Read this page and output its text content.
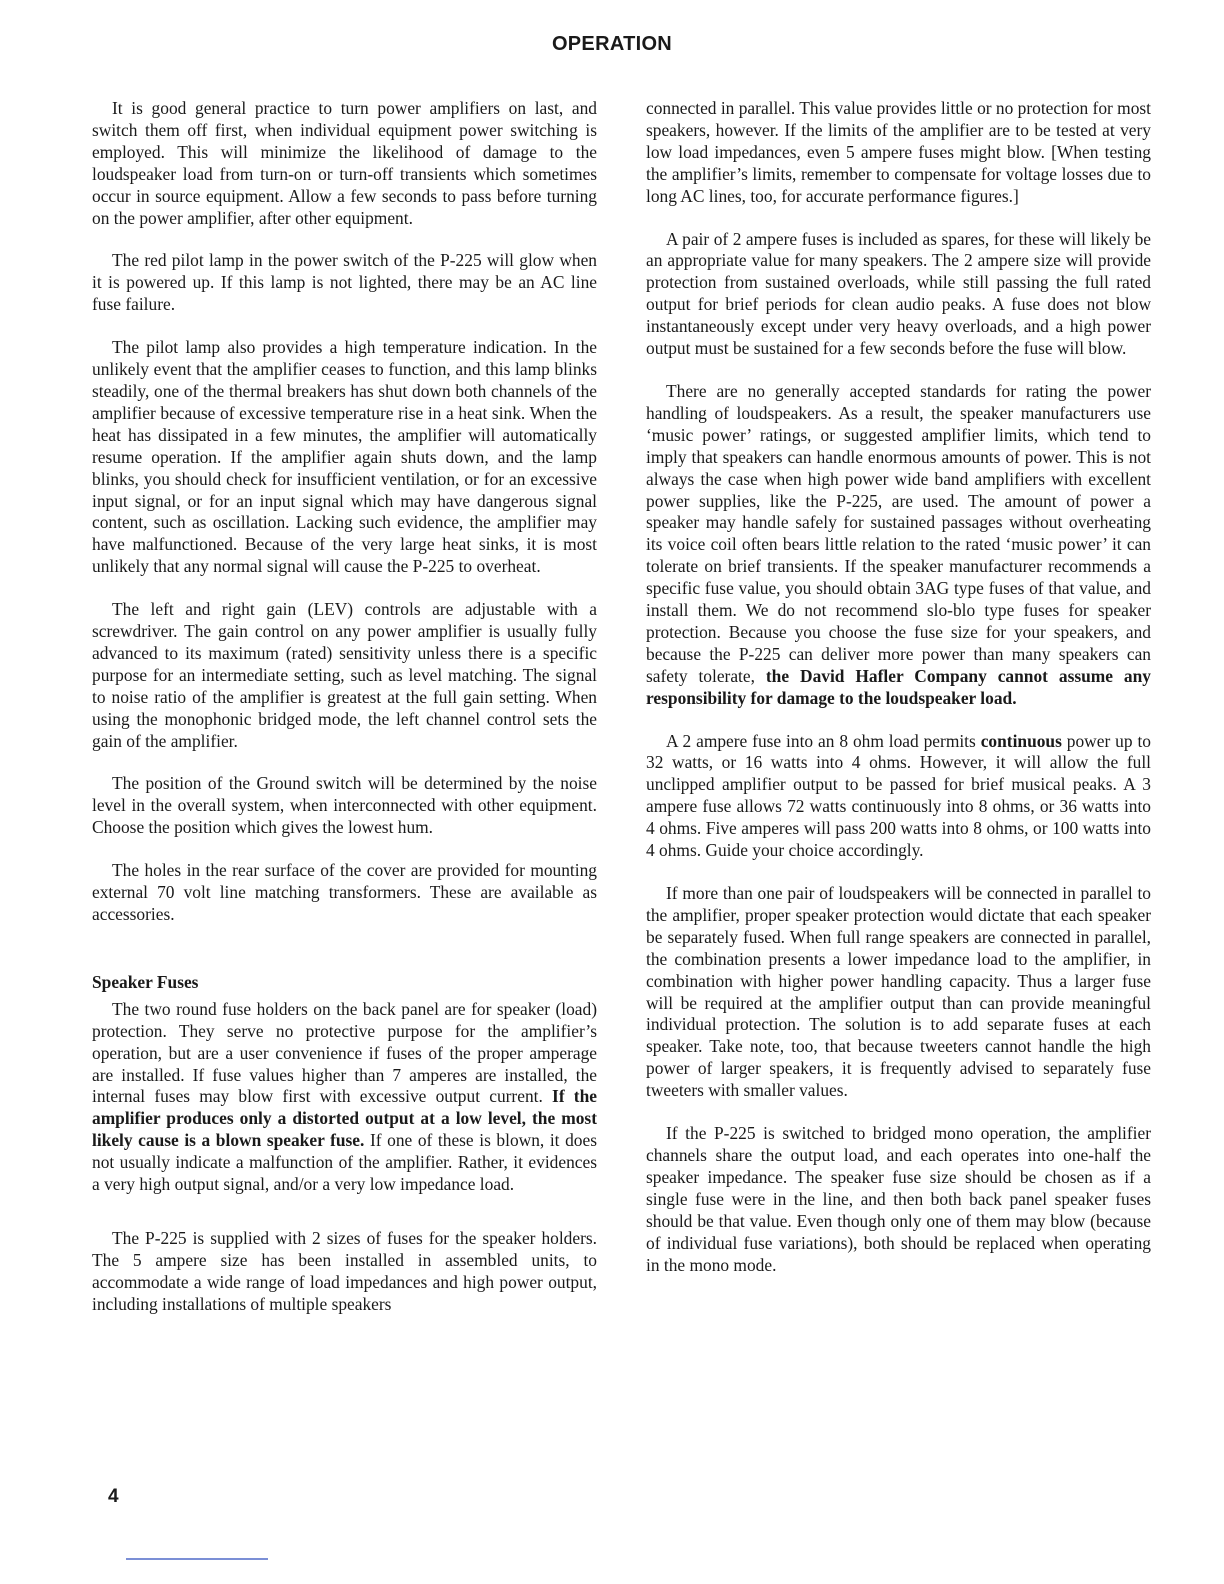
OPERATION

It is good general practice to turn power amplifiers on last, and switch them off first, when individual equipment power switching is employed. This will minimize the likelihood of damage to the loudspeaker load from turn-on or turn-off transients which sometimes occur in source equipment. Allow a few seconds to pass before turning on the power amplifier, after other equipment.

The red pilot lamp in the power switch of the P-225 will glow when it is powered up. If this lamp is not lighted, there may be an AC line fuse failure.

The pilot lamp also provides a high temperature indication. In the unlikely event that the amplifier ceases to function, and this lamp blinks steadily, one of the thermal breakers has shut down both channels of the amplifier because of excessive temperature rise in a heat sink. When the heat has dissipated in a few minutes, the amplifier will automatically resume operation. If the amplifier again shuts down, and the lamp blinks, you should check for insufficient ventilation, or for an excessive input signal, or for an input signal which may have dangerous signal content, such as oscillation. Lacking such evidence, the amplifier may have malfunctioned. Because of the very large heat sinks, it is most unlikely that any normal signal will cause the P-225 to overheat.

The left and right gain (LEV) controls are adjustable with a screwdriver. The gain control on any power amplifier is usually fully advanced to its maximum (rated) sensitivity unless there is a specific purpose for an intermediate setting, such as level matching. The signal to noise ratio of the amplifier is greatest at the full gain setting. When using the monophonic bridged mode, the left channel control sets the gain of the amplifier.

The position of the Ground switch will be determined by the noise level in the overall system, when interconnected with other equipment. Choose the position which gives the lowest hum.

The holes in the rear surface of the cover are provided for mounting external 70 volt line matching transformers. These are available as accessories.

Speaker Fuses

The two round fuse holders on the back panel are for speaker (load) protection. They serve no protective purpose for the amplifier’s operation, but are a user convenience if fuses of the proper amperage are installed. If fuse values higher than 7 amperes are installed, the internal fuses may blow first with excessive output current. If the amplifier produces only a distorted output at a low level, the most likely cause is a blown speaker fuse. If one of these is blown, it does not usually indicate a malfunction of the amplifier. Rather, it evidences a very high output signal, and/or a very low impedance load.

The P-225 is supplied with 2 sizes of fuses for the speaker holders. The 5 ampere size has been installed in assembled units, to accommodate a wide range of load impedances and high power output, including installations of multiple speakers

connected in parallel. This value provides little or no protection for most speakers, however. If the limits of the amplifier are to be tested at very low load impedances, even 5 ampere fuses might blow. [When testing the amplifier’s limits, remember to compensate for voltage losses due to long AC lines, too, for accurate performance figures.]

A pair of 2 ampere fuses is included as spares, for these will likely be an appropriate value for many speakers. The 2 ampere size will provide protection from sustained overloads, while still passing the full rated output for brief periods for clean audio peaks. A fuse does not blow instantaneously except under very heavy overloads, and a high power output must be sustained for a few seconds before the fuse will blow.

There are no generally accepted standards for rating the power handling of loudspeakers. As a result, the speaker manufacturers use ‘music power’ ratings, or suggested amplifier limits, which tend to imply that speakers can handle enormous amounts of power. This is not always the case when high power wide band amplifiers with excellent power supplies, like the P-225, are used. The amount of power a speaker may handle safely for sustained passages without overheating its voice coil often bears little relation to the rated ‘music power’ it can tolerate on brief transients. If the speaker manufacturer recommends a specific fuse value, you should obtain 3AG type fuses of that value, and install them. We do not recommend slo-blo type fuses for speaker protection. Because you choose the fuse size for your speakers, and because the P-225 can deliver more power than many speakers can safety tolerate, the David Hafler Company cannot assume any responsibility for damage to the loudspeaker load.

A 2 ampere fuse into an 8 ohm load permits continuous power up to 32 watts, or 16 watts into 4 ohms. However, it will allow the full unclipped amplifier output to be passed for brief musical peaks. A 3 ampere fuse allows 72 watts continuously into 8 ohms, or 36 watts into 4 ohms. Five amperes will pass 200 watts into 8 ohms, or 100 watts into 4 ohms. Guide your choice accordingly.

If more than one pair of loudspeakers will be connected in parallel to the amplifier, proper speaker protection would dictate that each speaker be separately fused. When full range speakers are connected in parallel, the combination presents a lower impedance load to the amplifier, in combination with higher power handling capacity. Thus a larger fuse will be required at the amplifier output than can provide meaningful individual protection. The solution is to add separate fuses at each speaker. Take note, too, that because tweeters cannot handle the high power of larger speakers, it is frequently advised to separately fuse tweeters with smaller values.

If the P-225 is switched to bridged mono operation, the amplifier channels share the output load, and each operates into one-half the speaker impedance. The speaker fuse size should be chosen as if a single fuse were in the line, and then both back panel speaker fuses should be that value. Even though only one of them may blow (because of individual fuse variations), both should be replaced when operating in the mono mode.

4
